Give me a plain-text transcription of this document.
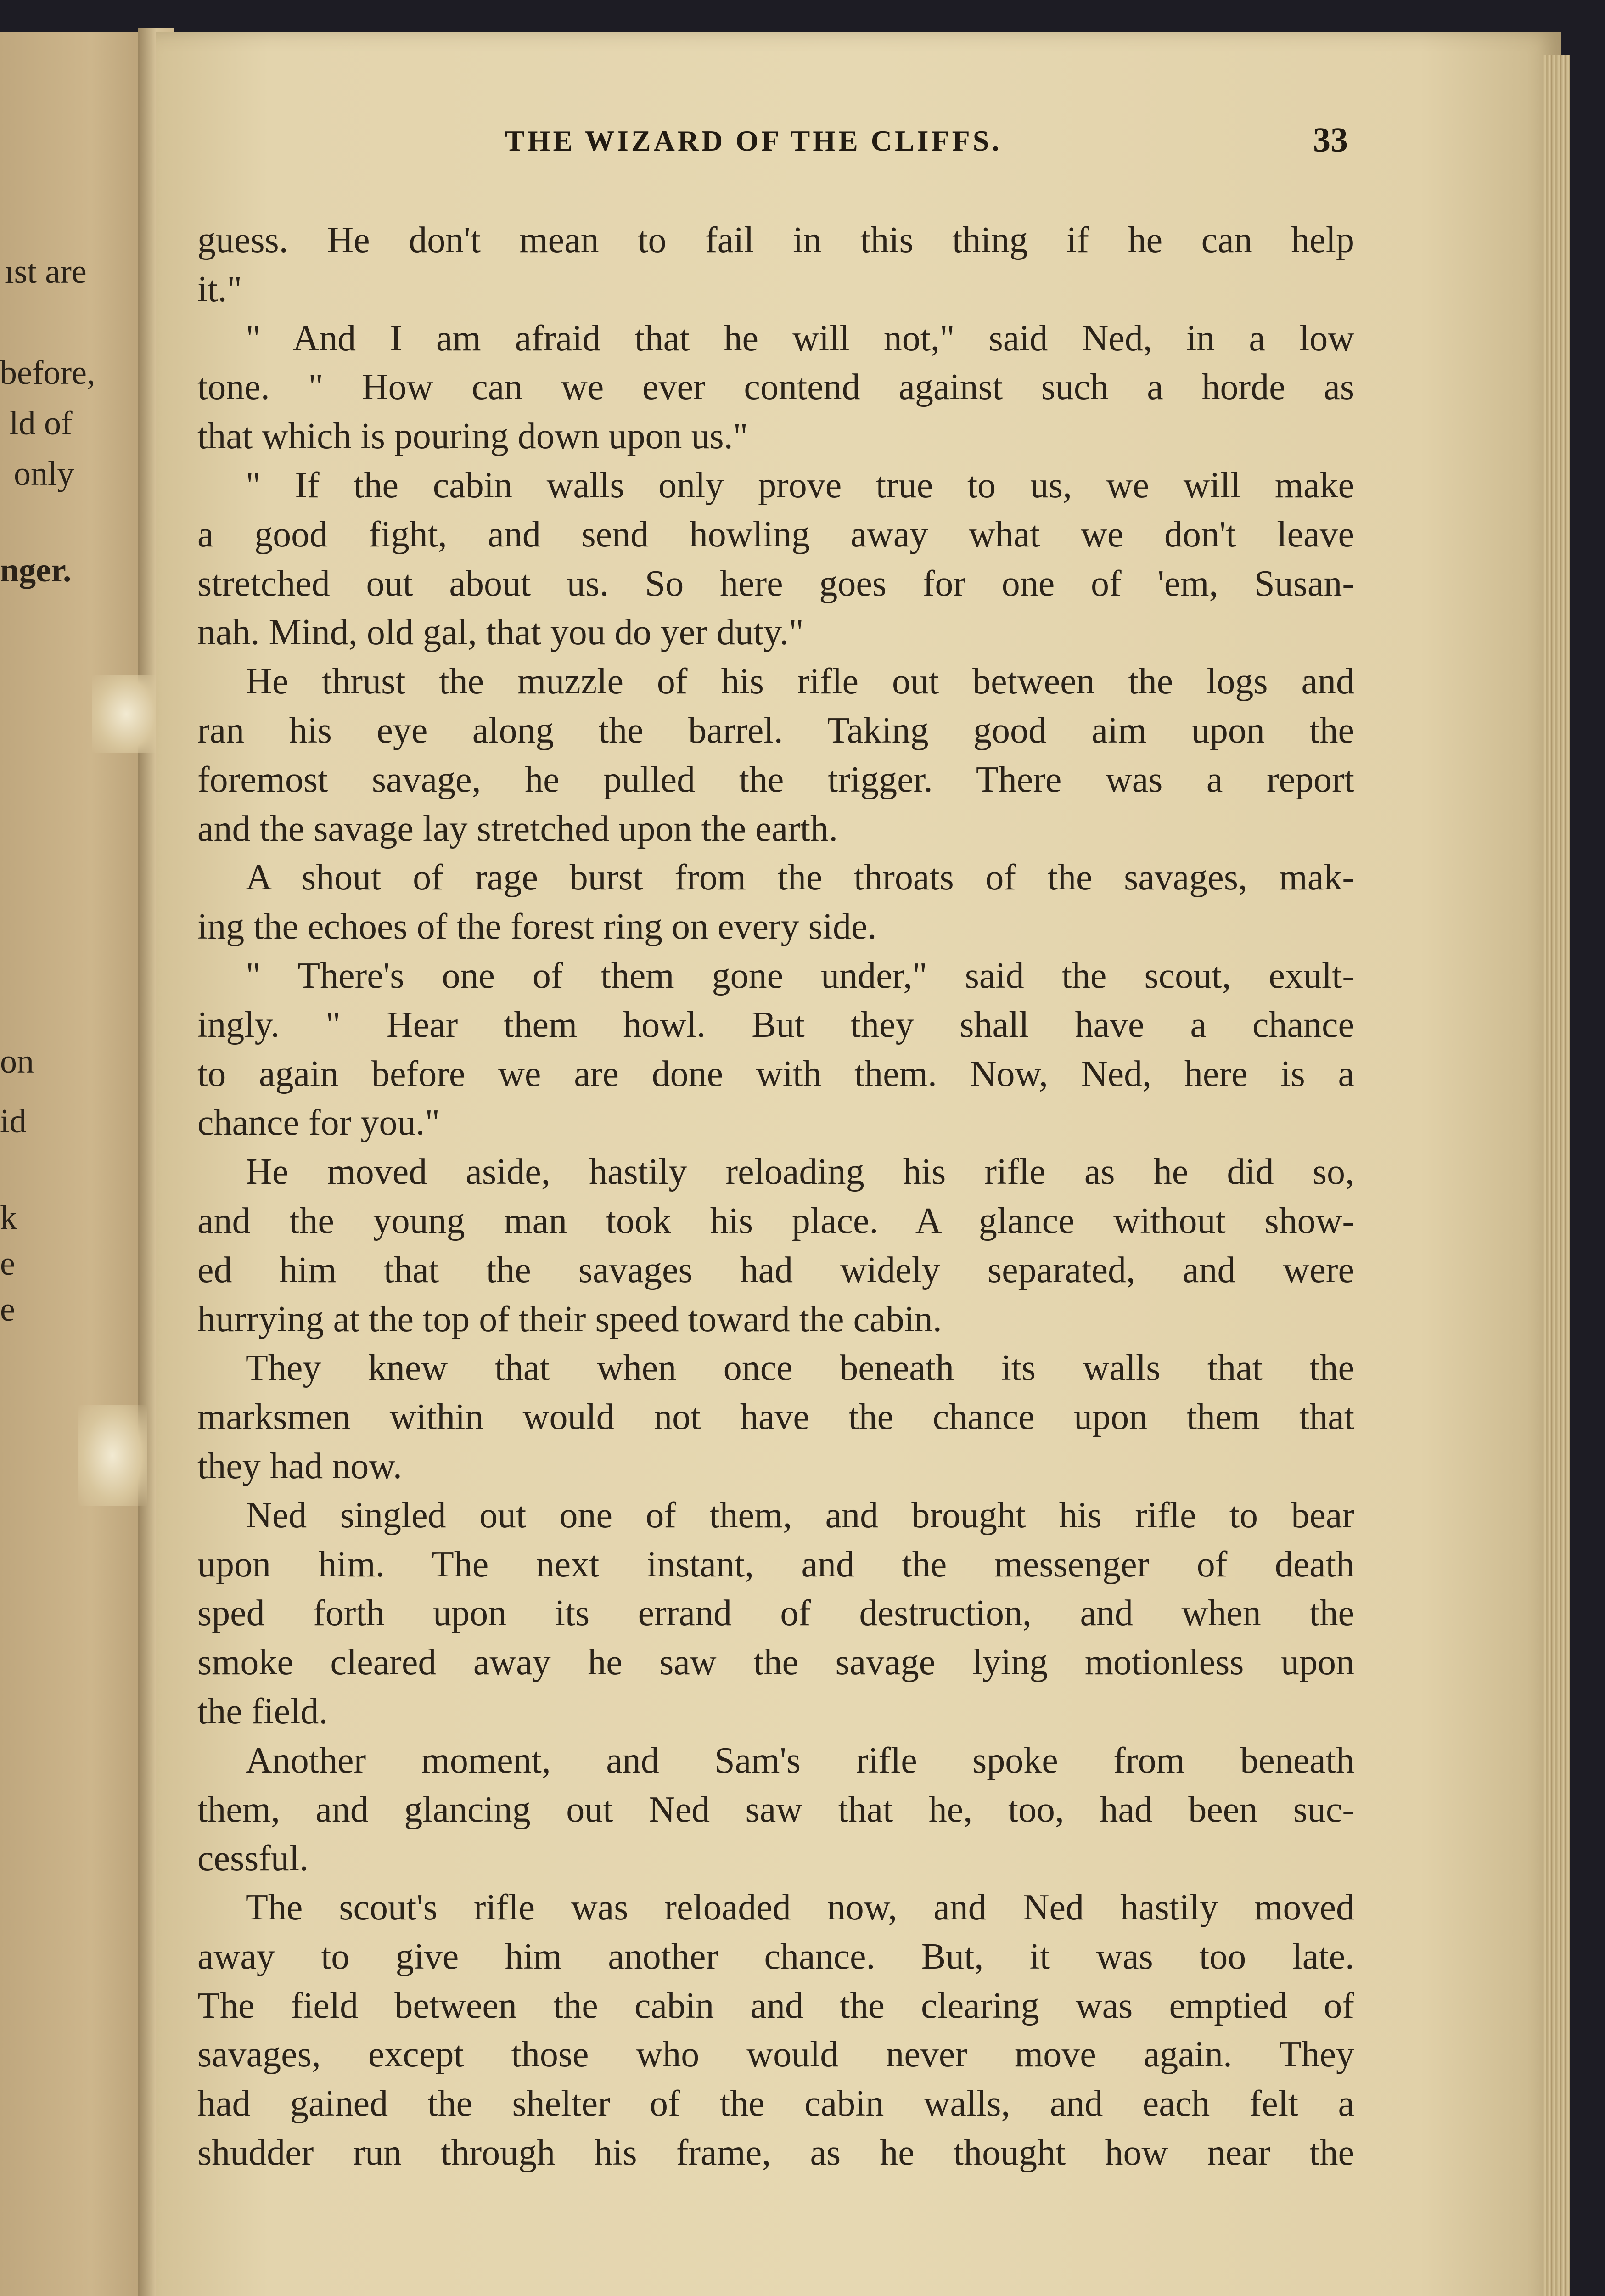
ıst are
before,
ld of
only
nger.
on
id
k
e
e
THE WIZARD OF THE CLIFFS.	33
guess. He don't mean to fail in this thing if he can help
it."
" And I am afraid that he will not," said Ned, in a low
tone. " How can we ever contend against such a horde as
that which is pouring down upon us."
" If the cabin walls only prove true to us, we will make
a good fight, and send howling away what we don't leave
stretched out about us. So here goes for one of 'em, Susan-
nah. Mind, old gal, that you do yer duty."
He thrust the muzzle of his rifle out between the logs and
ran his eye along the barrel. Taking good aim upon the
foremost savage, he pulled the trigger. There was a report
and the savage lay stretched upon the earth.
A shout of rage burst from the throats of the savages, mak-
ing the echoes of the forest ring on every side.
" There's one of them gone under," said the scout, exult-
ingly. " Hear them howl. But they shall have a chance
to again before we are done with them. Now, Ned, here is a
chance for you."
He moved aside, hastily reloading his rifle as he did so,
and the young man took his place. A glance without show-
ed him that the savages had widely separated, and were
hurrying at the top of their speed toward the cabin.
They knew that when once beneath its walls that the
marksmen within would not have the chance upon them that
they had now.
Ned singled out one of them, and brought his rifle to bear
upon him. The next instant, and the messenger of death
sped forth upon its errand of destruction, and when the
smoke cleared away he saw the savage lying motionless upon
the field.
Another moment, and Sam's rifle spoke from beneath
them, and glancing out Ned saw that he, too, had been suc-
cessful.
The scout's rifle was reloaded now, and Ned hastily moved
away to give him another chance. But, it was too late.
The field between the cabin and the clearing was emptied of
savages, except those who would never move again. They
had gained the shelter of the cabin walls, and each felt a
shudder run through his frame, as he thought how near the
